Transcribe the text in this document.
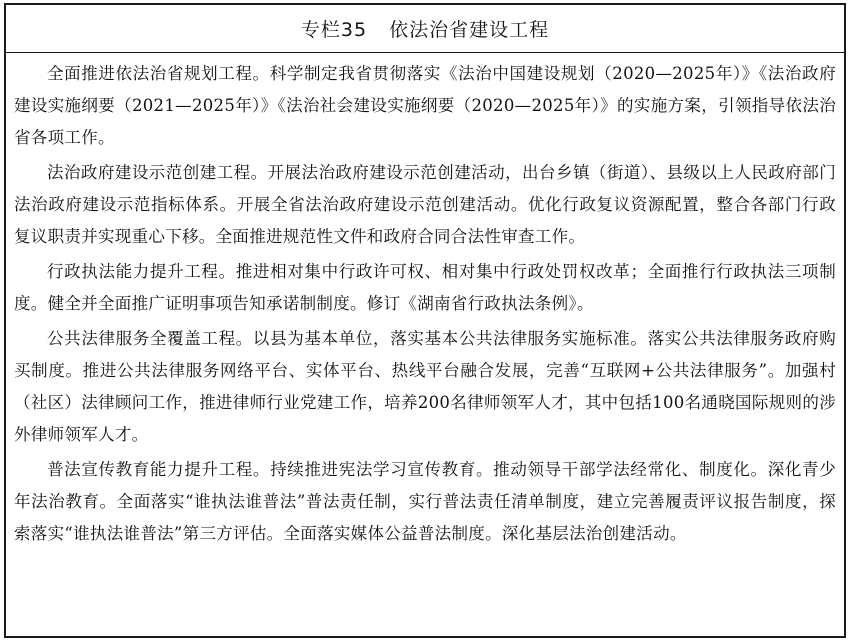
专栏35 依法治省建设工程

全面推进依法治省规划工程。科学制定我省贯彻落实《法治中国建设规划（2020—2025年）》《法治政府建设实施纲要（2021—2025年）》《法治社会建设实施纲要（2020—2025年）》的实施方案，引领指导依法治省各项工作。

法治政府建设示范创建工程。开展法治政府建设示范创建活动，出台乡镇（街道）、县级以上人民政府部门法治政府建设示范指标体系。开展全省法治政府建设示范创建活动。优化行政复议资源配置，整合各部门行政复议职责并实现重心下移。全面推进规范性文件和政府合同合法性审查工作。

行政执法能力提升工程。推进相对集中行政许可权、相对集中行政处罚权改革；全面推行行政执法三项制度。健全并全面推广证明事项告知承诺制制度。修订《湖南省行政执法条例》。

公共法律服务全覆盖工程。以县为基本单位，落实基本公共法律服务实施标准。落实公共法律服务政府购买制度。推进公共法律服务网络平台、实体平台、热线平台融合发展，完善“互联网+公共法律服务”。加强村（社区）法律顾问工作，推进律师行业党建工作，培养200名律师领军人才，其中包括100名通晓国际规则的涉外律师领军人才。

普法宣传教育能力提升工程。持续推进宪法学习宣传教育。推动领导干部学法经常化、制度化。深化青少年法治教育。全面落实“谁执法谁普法”普法责任制，实行普法责任清单制度，建立完善履责评议报告制度，探索落实“谁执法谁普法”第三方评估。全面落实媒体公益普法制度。深化基层法治创建活动。
